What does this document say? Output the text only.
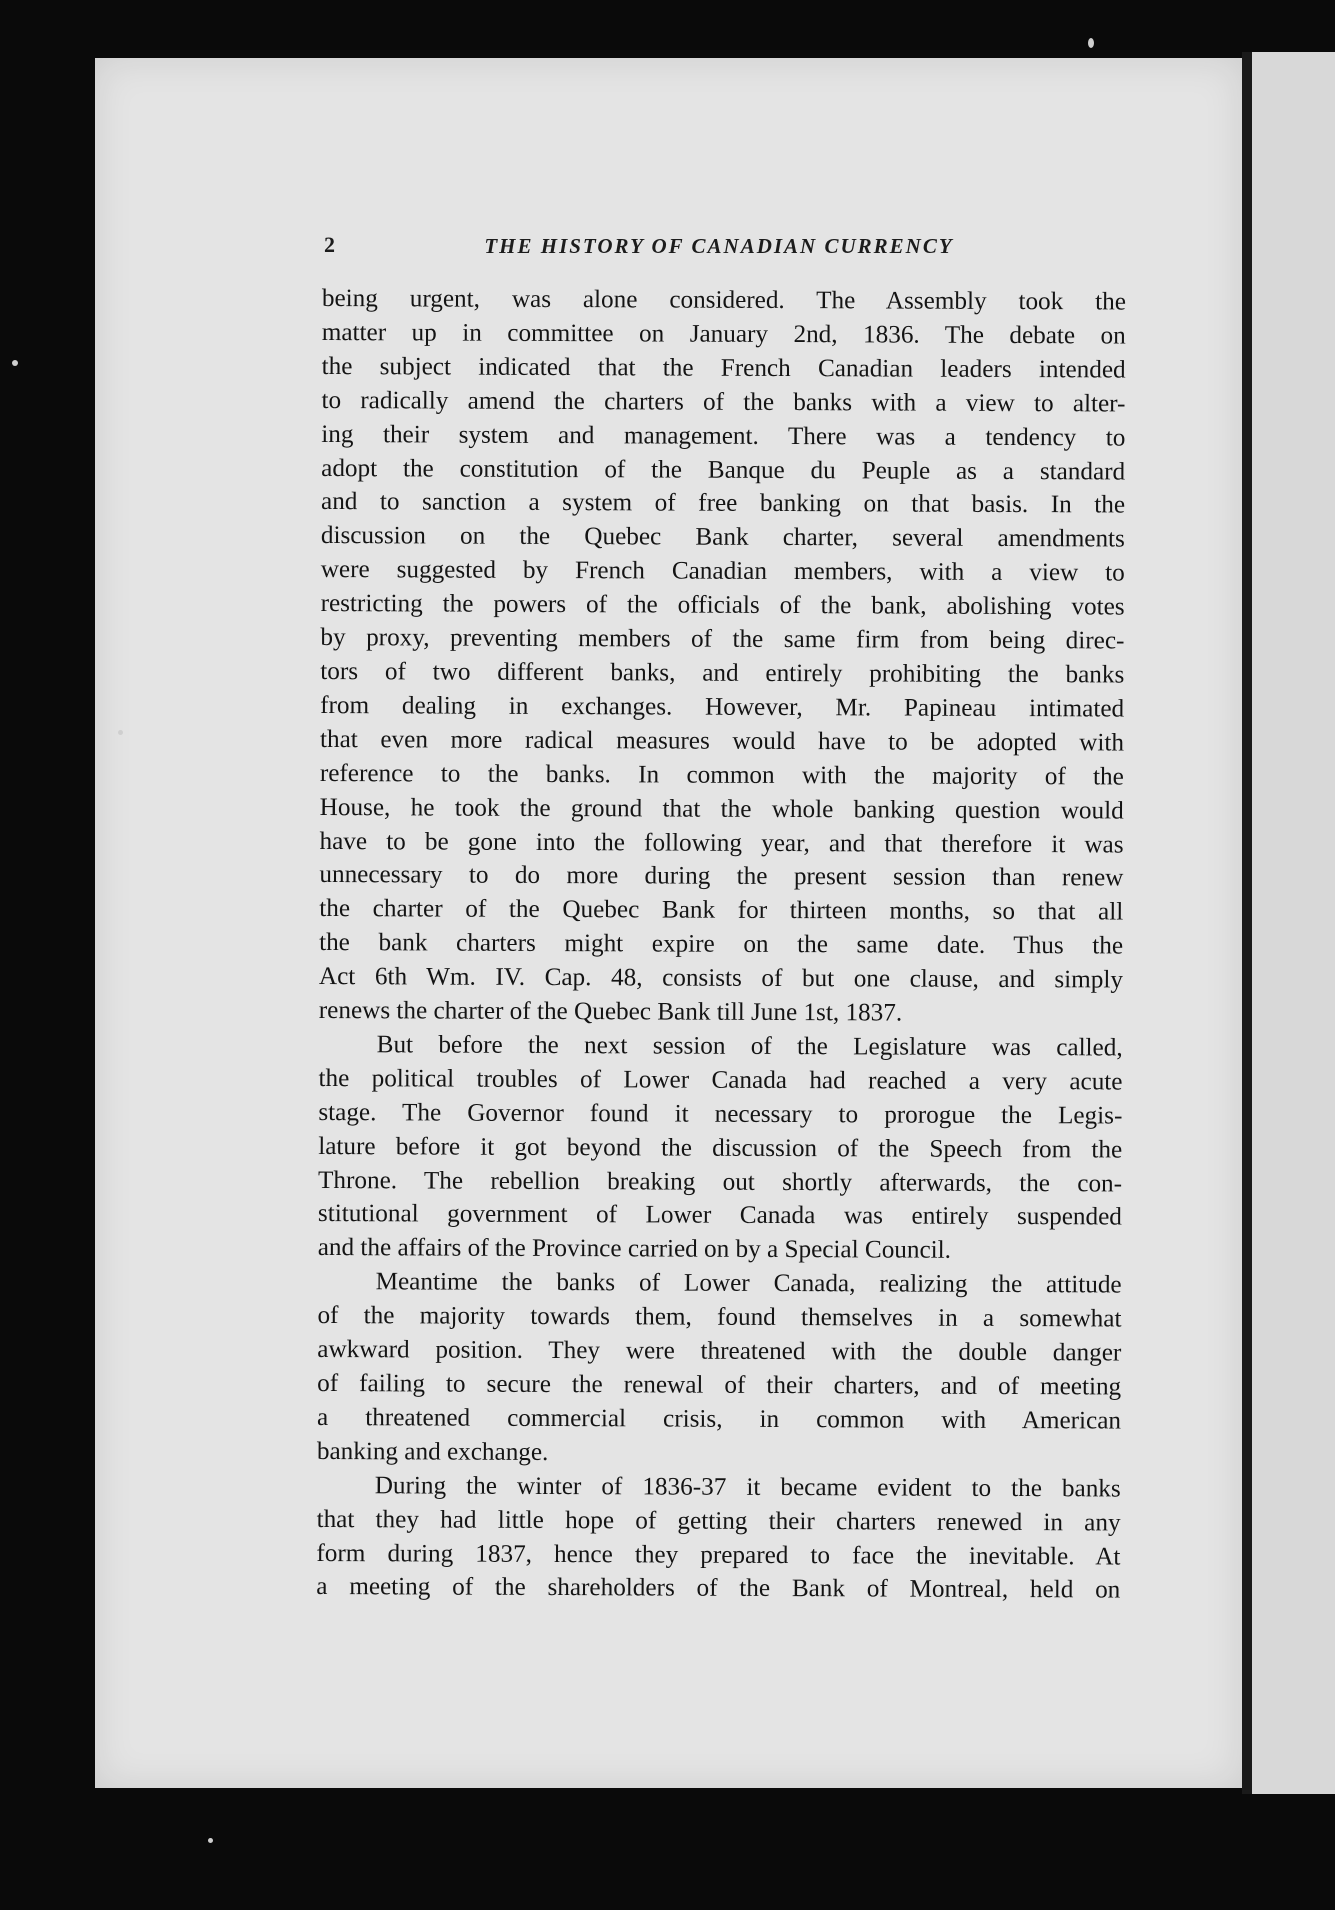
2	THE HISTORY OF CANADIAN CURRENCY

being urgent, was alone considered. The Assembly took the
matter up in committee on January 2nd, 1836. The debate on
the subject indicated that the French Canadian leaders intended
to radically amend the charters of the banks with a view to alter-
ing their system and management. There was a tendency to
adopt the constitution of the Banque du Peuple as a standard
and to sanction a system of free banking on that basis. In the
discussion on the Quebec Bank charter, several amendments
were suggested by French Canadian members, with a view to
restricting the powers of the officials of the bank, abolishing votes
by proxy, preventing members of the same firm from being direc-
tors of two different banks, and entirely prohibiting the banks
from dealing in exchanges. However, Mr. Papineau intimated
that even more radical measures would have to be adopted with
reference to the banks. In common with the majority of the
House, he took the ground that the whole banking question would
have to be gone into the following year, and that therefore it was
unnecessary to do more during the present session than renew
the charter of the Quebec Bank for thirteen months, so that all
the bank charters might expire on the same date. Thus the
Act 6th Wm. IV. Cap. 48, consists of but one clause, and simply
renews the charter of the Quebec Bank till June 1st, 1837.

But before the next session of the Legislature was called,
the political troubles of Lower Canada had reached a very acute
stage. The Governor found it necessary to prorogue the Legis-
lature before it got beyond the discussion of the Speech from the
Throne. The rebellion breaking out shortly afterwards, the con-
stitutional government of Lower Canada was entirely suspended
and the affairs of the Province carried on by a Special Council.

Meantime the banks of Lower Canada, realizing the attitude
of the majority towards them, found themselves in a somewhat
awkward position. They were threatened with the double danger
of failing to secure the renewal of their charters, and of meeting
a threatened commercial crisis, in common with American
banking and exchange.

During the winter of 1836-37 it became evident to the banks
that they had little hope of getting their charters renewed in any
form during 1837, hence they prepared to face the inevitable. At
a meeting of the shareholders of the Bank of Montreal, held on
